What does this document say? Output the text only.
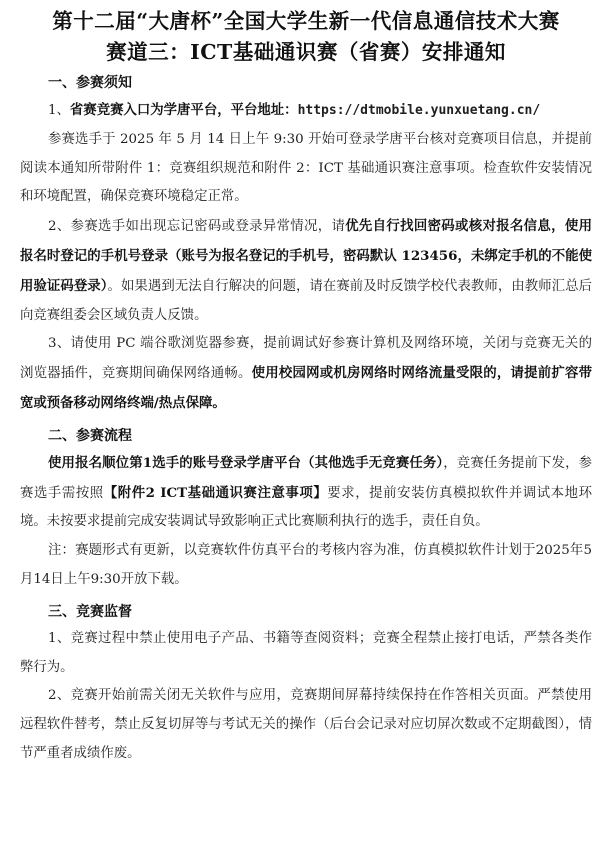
第十二届“大唐杯”全国大学生新一代信息通信技术大赛
赛道三：ICT基础通识赛（省赛）安排通知
一、参赛须知

1、省赛竞赛入口为学唐平台，平台地址：https://dtmobile.yunxuetang.cn/

参赛选手于 2025 年 5 月 14 日上午 9:30 开始可登录学唐平台核对竞赛项目信息，并提前阅读本通知所带附件 1：竞赛组织规范和附件 2：ICT 基础通识赛注意事项。检查软件安装情况和环境配置，确保竞赛环境稳定正常。

2、参赛选手如出现忘记密码或登录异常情况，请优先自行找回密码或核对报名信息，使用报名时登记的手机号登录（账号为报名登记的手机号，密码默认 123456，未绑定手机的不能使用验证码登录）。如果遇到无法自行解决的问题，请在赛前及时反馈学校代表教师，由教师汇总后向竞赛组委会区域负责人反馈。

3、请使用 PC 端谷歌浏览器参赛，提前调试好参赛计算机及网络环境，关闭与竞赛无关的浏览器插件，竞赛期间确保网络通畅。使用校园网或机房网络时网络流量受限的，请提前扩容带宽或预备移动网络终端/热点保障。

二、参赛流程

使用报名顺位第1选手的账号登录学唐平台（其他选手无竞赛任务），竞赛任务提前下发，参赛选手需按照【附件2 ICT基础通识赛注意事项】要求，提前安装仿真模拟软件并调试本地环境。未按要求提前完成安装调试导致影响正式比赛顺利执行的选手，责任自负。

注：赛题形式有更新，以竞赛软件仿真平台的考核内容为准，仿真模拟软件计划于2025年5月14日上午9:30开放下载。

三、竞赛监督

1、竞赛过程中禁止使用电子产品、书籍等查阅资料；竞赛全程禁止接打电话，严禁各类作弊行为。

2、竞赛开始前需关闭无关软件与应用，竞赛期间屏幕持续保持在作答相关页面。严禁使用远程软件替考，禁止反复切屏等与考试无关的操作（后台会记录对应切屏次数或不定期截图），情节严重者成绩作废。
